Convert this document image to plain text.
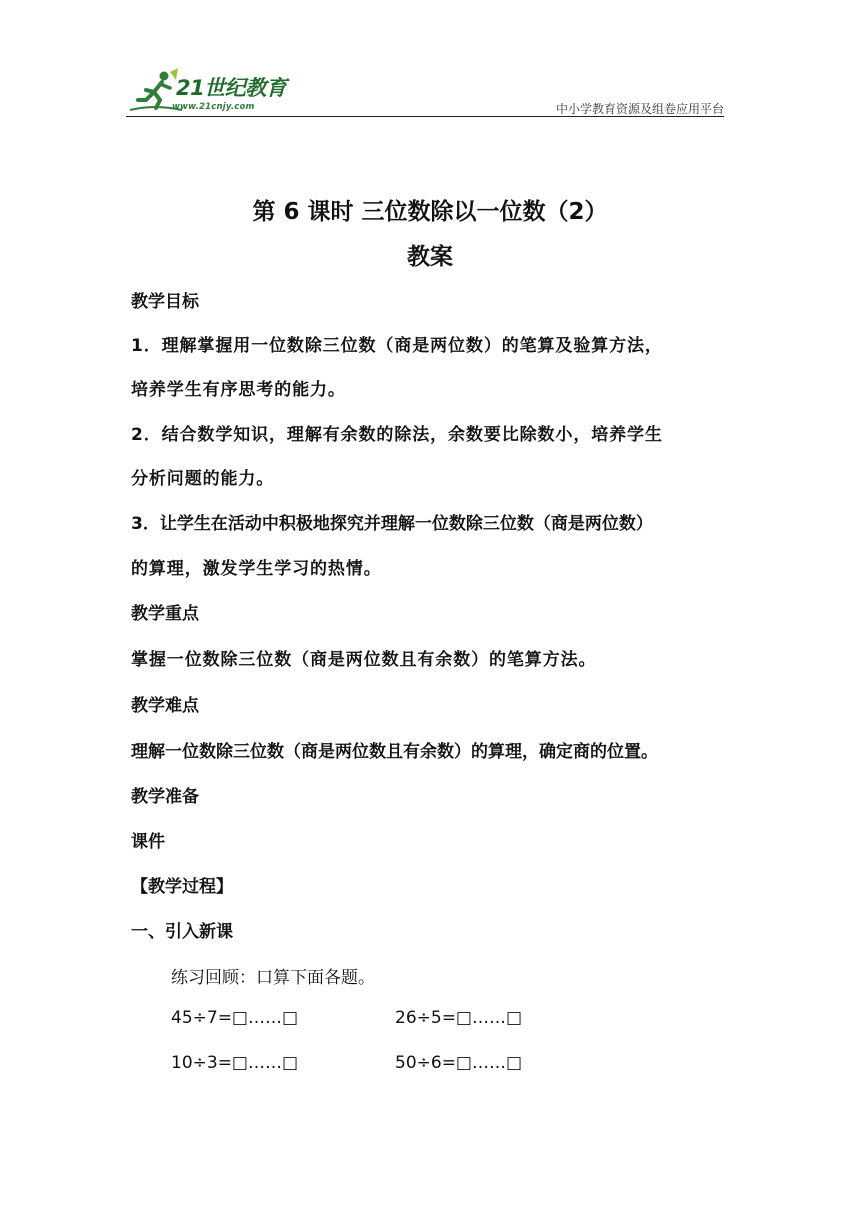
21世纪教育
www.21cnjy.com	中小学教育资源及组卷应用平台
第 6 课时 三位数除以一位数（2）
教案
教学目标
1．理解掌握用一位数除三位数（商是两位数）的笔算及验算方法，
培养学生有序思考的能力。
2．结合数学知识，理解有余数的除法，余数要比除数小，培养学生
分析问题的能力。
3．让学生在活动中积极地探究并理解一位数除三位数（商是两位数）
的算理，激发学生学习的热情。
教学重点
掌握一位数除三位数（商是两位数且有余数）的笔算方法。
教学难点
理解一位数除三位数（商是两位数且有余数）的算理，确定商的位置。
教学准备
课件
【教学过程】
一、引入新课
练习回顾：口算下面各题。
45÷7=□……□	26÷5=□……□
10÷3=□……□	50÷6=□……□
